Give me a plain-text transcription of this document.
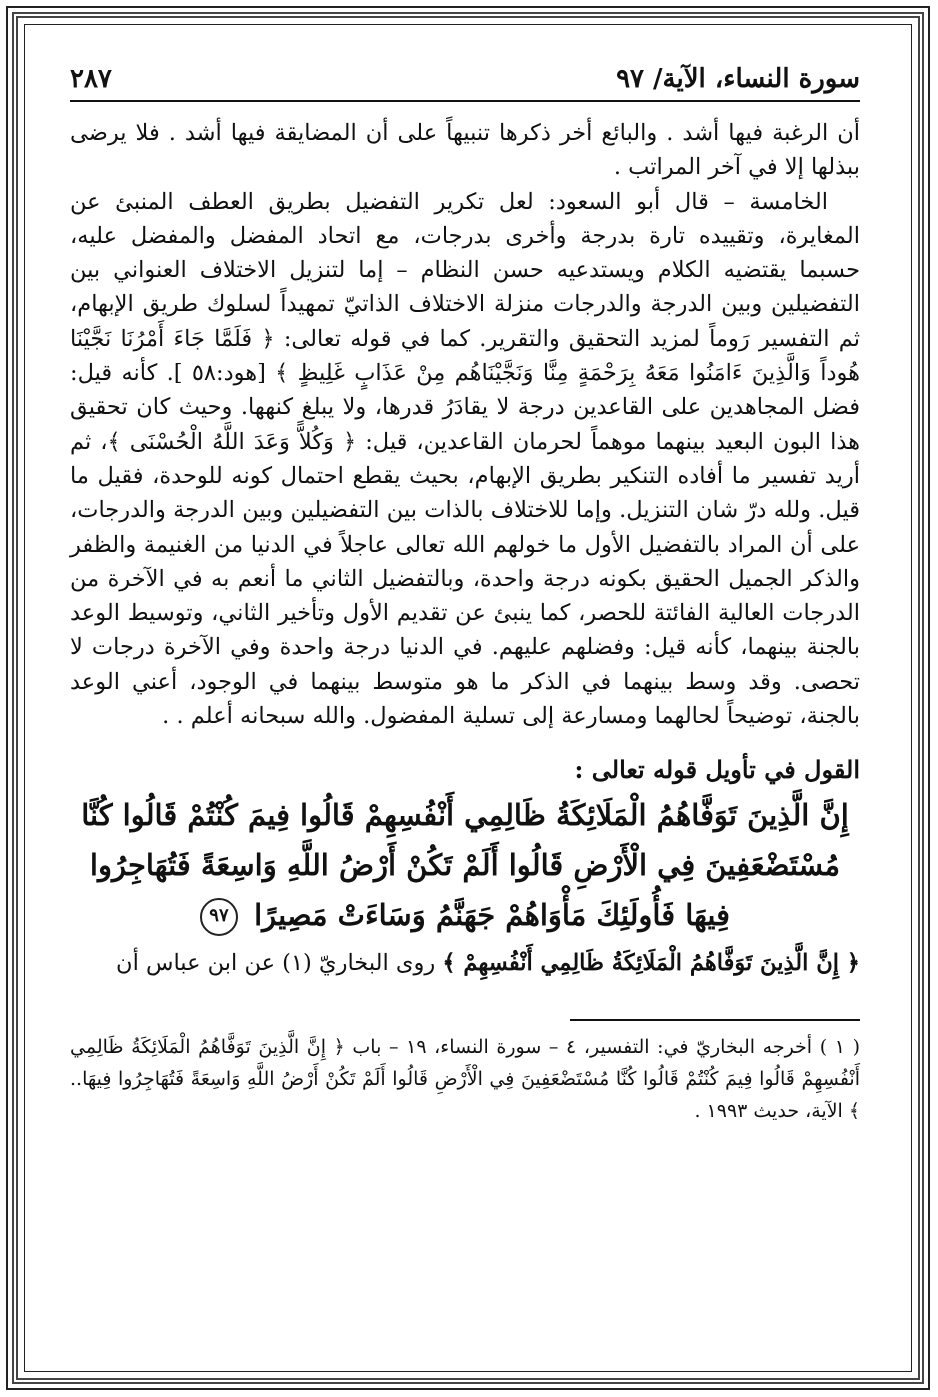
سورة النساء، الآية/ ٩٧
٢٨٧

أن الرغبة فيها أشد . والبائع أخر ذكرها تنبيهاً على أن المضايقة فيها أشد . فلا يرضى ببذلها إلا في آخر المراتب .

الخامسة – قال أبو السعود: لعل تكرير التفضيل بطريق العطف المنبئ عن المغايرة، وتقييده تارة بدرجة وأخرى بدرجات، مع اتحاد المفضل والمفضل عليه، حسبما يقتضيه الكلام ويستدعيه حسن النظام – إما لتنزيل الاختلاف العنواني بين التفضيلين وبين الدرجة والدرجات منزلة الاختلاف الذاتيّ تمهيداً لسلوك طريق الإبهام، ثم التفسير رَوماً لمزيد التحقيق والتقرير. كما في قوله تعالى: ﴿ فَلَمَّا جَاءَ أَمْرُنَا نَجَّيْنَا هُوداً وَالَّذِينَ ءَامَنُوا مَعَهُ بِرَحْمَةٍ مِنَّا وَنَجَّيْنَاهُم مِنْ عَذَابٍ غَلِيظٍ ﴾ [هود:٥٨ ]. كأنه قيل: فضل المجاهدين على القاعدين درجة لا يقادَرُ قدرها، ولا يبلغ كنهها. وحيث كان تحقيق هذا البون البعيد بينهما موهماً لحرمان القاعدين، قيل: ﴿ وَكُلاًّ وَعَدَ اللَّهُ الْحُسْنَى ﴾، ثم أريد تفسير ما أفاده التنكير بطريق الإبهام، بحيث يقطع احتمال كونه للوحدة، فقيل ما قيل. ولله درّ شان التنزيل. وإما للاختلاف بالذات بين التفضيلين وبين الدرجة والدرجات، على أن المراد بالتفضيل الأول ما خولهم الله تعالى عاجلاً في الدنيا من الغنيمة والظفر والذكر الجميل الحقيق بكونه درجة واحدة، وبالتفضيل الثاني ما أنعم به في الآخرة من الدرجات العالية الفائتة للحصر، كما ينبئ عن تقديم الأول وتأخير الثاني، وتوسيط الوعد بالجنة بينهما، كأنه قيل: وفضلهم عليهم. في الدنيا درجة واحدة وفي الآخرة درجات لا تحصى. وقد وسط بينهما في الذكر ما هو متوسط بينهما في الوجود، أعني الوعد بالجنة، توضيحاً لحالهما ومسارعة إلى تسلية المفضول. والله سبحانه أعلم . .

القول في تأويل قوله تعالى :
إِنَّ الَّذِينَ تَوَفَّاهُمُ الْمَلَائِكَةُ ظَالِمِي أَنْفُسِهِمْ قَالُوا فِيمَ كُنْتُمْ قَالُوا كُنَّا مُسْتَضْعَفِينَ فِي الْأَرْضِ قَالُوا أَلَمْ تَكُنْ أَرْضُ اللَّهِ وَاسِعَةً فَتُهَاجِرُوا فِيهَا فَأُولَئِكَ مَأْوَاهُمْ جَهَنَّمُ وَسَاءَتْ مَصِيرًا ٩٧

﴿ إِنَّ الَّذِينَ تَوَفَّاهُمُ الْمَلَائِكَةُ ظَالِمِي أَنْفُسِهِمْ ﴾ روى البخاريّ (١) عن ابن عباس أن

( ١ ) أخرجه البخاريّ في: التفسير، ٤ – سورة النساء، ١٩ – باب ﴿ إِنَّ الَّذِينَ تَوَفَّاهُمُ الْمَلَائِكَةُ ظَالِمِي أَنْفُسِهِمْ قَالُوا فِيمَ كُنْتُمْ قَالُوا كُنَّا مُسْتَضْعَفِينَ فِي الْأَرْضِ قَالُوا أَلَمْ تَكُنْ أَرْضُ اللَّهِ وَاسِعَةً فَتُهَاجِرُوا فِيهَا.. ﴾ الآية، حديث ١٩٩٣ .
